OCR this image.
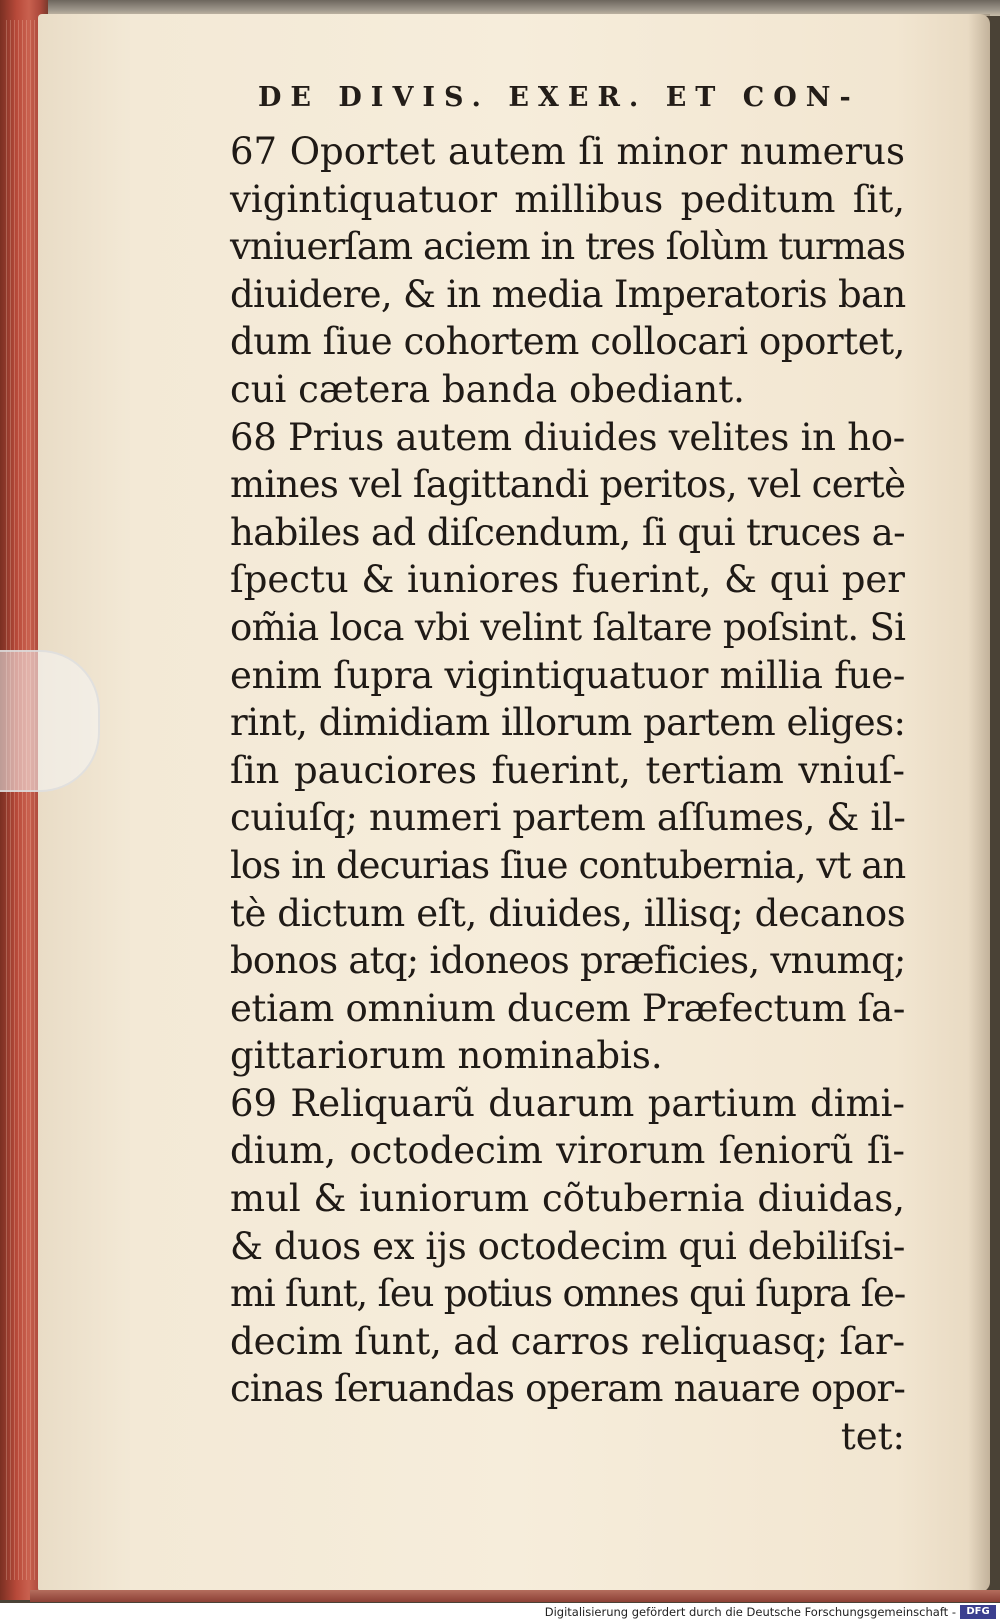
DE DIVIS. EXER. ET CON-
67 Oportet autem ſi minor numerus
vigintiquatuor millibus peditum ſit,
vniuerſam aciem in tres ſolùm turmas
diuidere, & in media Imperatoris ban
dum ſiue cohortem collocari oportet,
cui cætera banda obediant.
68 Prius autem diuides velites in ho-
mines vel ſagittandi peritos, vel certè
habiles ad diſcendum, ſi qui truces a-
ſpectu & iuniores fuerint, & qui per
om̃ia loca vbi velint ſaltare poſsint. Si
enim ſupra vigintiquatuor millia fue-
rint, dimidiam illorum partem eliges:
ſin pauciores fuerint, tertiam vniuſ-
cuiuſq; numeri partem aſſumes, & il-
los in decurias ſiue contubernia, vt an
tè dictum eſt, diuides, illisq; decanos
bonos atq; idoneos præficies, vnumq;
etiam omnium ducem Præfectum ſa-
gittariorum nominabis.
69 Reliquarũ duarum partium dimi-
dium, octodecim virorum ſeniorũ ſi-
mul & iuniorum cõtubernia diuidas,
& duos ex ijs octodecim qui debiliſsi-
mi ſunt, ſeu potius omnes qui ſupra ſe-
decim ſunt, ad carros reliquasq; ſar-
cinas ſeruandas operam nauare opor-
tet:
Digitalisierung gefördert durch die Deutsche Forschungsgemeinschaft -	DFG
